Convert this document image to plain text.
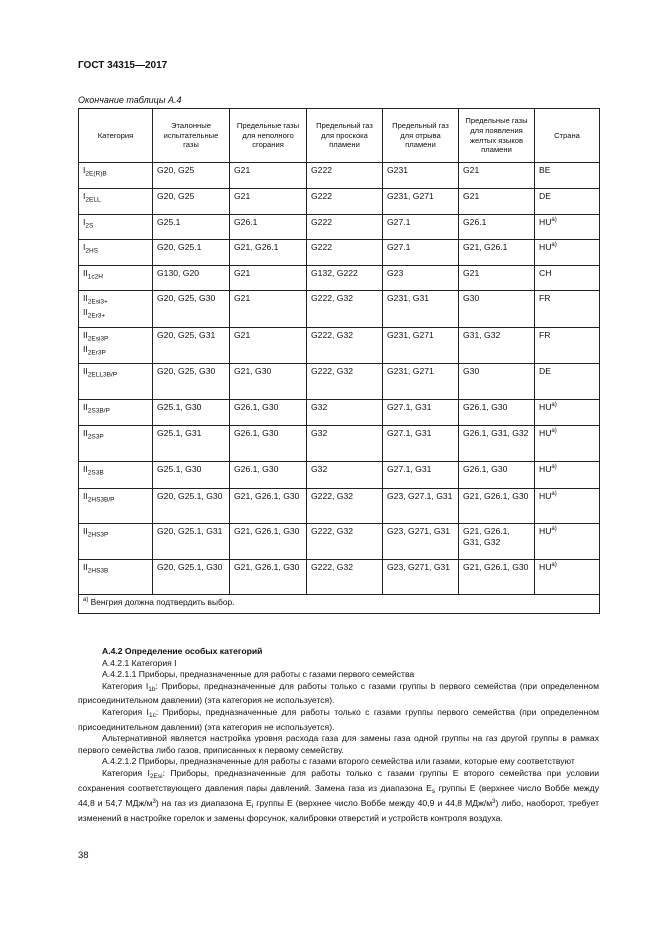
ГОСТ 34315—2017
Окончание таблицы А.4
Категория	Эталонные испытательные газы	Предельные газы для неполного сгорания	Предельный газ для проскока пламени	Предельный газ для отрыва пламени	Предельные газы для появления желтых языков пламени	Страна

$I_{2E(R)B}$	G20, G25	G21	G222	G231	G21	BE

$I_{2ELL}$	G20, G25	G21	G222	G231, G271	G21	DE

$I_{2S}$	G25.1	G26.1	G222	G27.1	G26.1	HU$^{a)}$

$I_{2HS}$	G20, G25.1	G21, G26.1	G222	G27.1	G21, G26.1	HU$^{a)}$

$II_{1c2H}$	G130, G20	G21	G132, G222	G23	G21	CH

$II_{2Esi3+}$
$II_{2Er3+}$	G20, G25, G30	G21	G222, G32	G231, G31	G30	FR

$II_{2Esi3P}$
$II_{2Er3P}$	G20, G25, G31	G21	G222, G32	G231, G271	G31, G32	FR

$II_{2ELL3B/P}$	G20, G25, G30	G21, G30	G222, G32	G231, G271	G30	DE

$II_{2S3B/P}$	G25.1, G30	G26.1, G30	G32	G27.1, G31	G26.1, G30	HU$^{a)}$

$II_{2S3P}$	G25.1, G31	G26.1, G30	G32	G27.1, G31	G26.1, G31, G32	HU$^{a)}$

$II_{2S3B}$	G25.1, G30	G26.1, G30	G32	G27.1, G31	G26.1, G30	HU$^{a)}$

$II_{2HS3B/P}$	G20, G25.1, G30	G21, G26.1, G30	G222, G32	G23, G27.1, G31	G21, G26.1, G30	HU$^{a)}$

$II_{2HS3P}$	G20, G25.1, G31	G21, G26.1, G30	G222, G32	G23, G271, G31	G21, G26.1, G31, G32	HU$^{a)}$

$II_{2HS3B}$	G20, G25.1, G30	G21, G26.1, G30	G222, G32	G23, G271, G31	G21, G26.1, G30	HU$^{a)}$
$^{a)}$ Венгрия должна подтвердить выбор.						

А.4.2 Определение особых категорий

А.4.2.1 Категория I

А.4.2.1.1 Приборы, предназначенные для работы с газами первого семейства

Категория $I_{1b}$: Приборы, предназначенные для работы только с газами группы b первого семейства (при определенном присоединительном давлении) (эта категория не используется).

Категория $I_{1c}$: Приборы, предназначенные для работы только с газами группы первого семейства (при определенном присоединительном давлении) (эта категория не используется).

Альтернативной является настройка уровня расхода газа для замены газа одной группы на газ другой группы в рамках первого семейства либо газов, приписанных к первому семейству.

А.4.2.1.2 Приборы, предназначенные для работы с газами второго семейства или газами, которые ему соответствуют

Категория $I_{2Esi}$: Приборы, предназначенные для работы только с газами группы Е второго семейства при условии сохранения соответствующего давления пары давлений. Замена газа из диапазона $E_s$ группы E (верхнее число Воббе между 44,8 и 54,7 МДж/$м^3$) на газ из диапазона $E_i$ группы E (верхнее число Воббе между 40,9 и 44,8 МДж/$м^3$) либо, наоборот, требует изменений в настройке горелок и замены форсунок, калибровки отверстий и устройств контроля воздуха.

38
